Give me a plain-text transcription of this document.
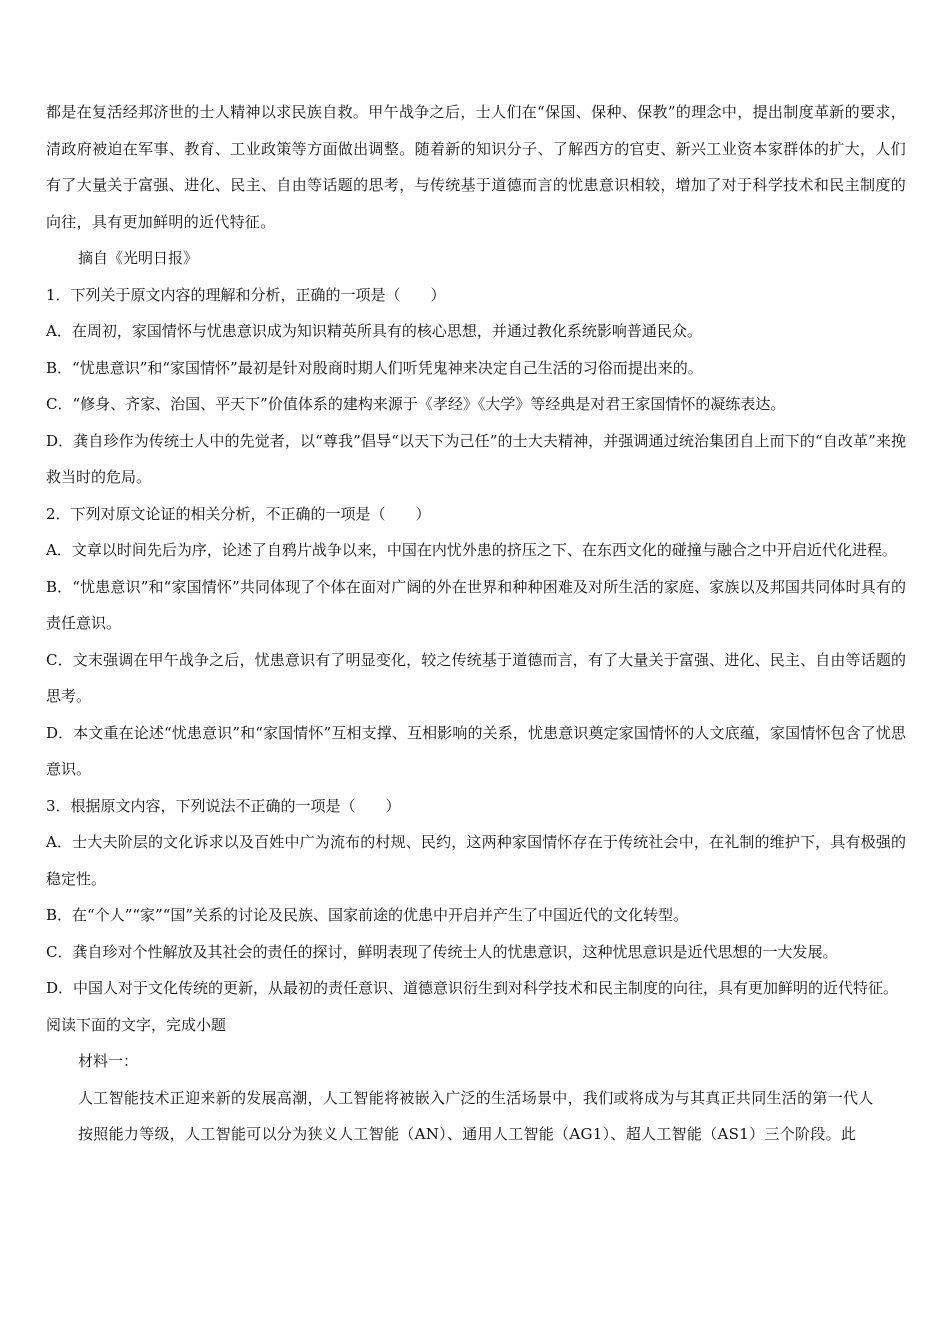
都是在复活经邦济世的士人精神以求民族自救。甲午战争之后，士人们在“保国、保种、保教”的理念中，提出制度革新的要求，清政府被迫在军事、教育、工业政策等方面做出调整。随着新的知识分子、了解西方的官吏、新兴工业资本家群体的扩大，人们有了大量关于富强、进化、民主、自由等话题的思考，与传统基于道德而言的忧患意识相较，增加了对于科学技术和民主制度的向往，具有更加鲜明的近代特征。

摘自《光明日报》

1．下列关于原文内容的理解和分析，正确的一项是（　　）

A．在周初，家国情怀与忧患意识成为知识精英所具有的核心思想，并通过教化系统影响普通民众。

B．“忧患意识”和“家国情怀”最初是针对殷商时期人们听凭鬼神来决定自己生活的习俗而提出来的。

C．“修身、齐家、治国、平天下”价值体系的建构来源于《孝经》《大学》等经典是对君王家国情怀的凝练表达。

D．龚自珍作为传统士人中的先觉者，以“尊我”倡导“以天下为己任”的士大夫精神，并强调通过统治集团自上而下的“自改革”来挽救当时的危局。

2．下列对原文论证的相关分析，不正确的一项是（　　）

A．文章以时间先后为序，论述了自鸦片战争以来，中国在内忧外患的挤压之下、在东西文化的碰撞与融合之中开启近代化进程。

B．“忧患意识”和“家国情怀”共同体现了个体在面对广阔的外在世界和种种困难及对所生活的家庭、家族以及邦国共同体时具有的责任意识。

C．文末强调在甲午战争之后，忧患意识有了明显变化，较之传统基于道德而言，有了大量关于富强、进化、民主、自由等话题的思考。

D．本文重在论述“忧患意识”和“家国情怀”互相支撑、互相影响的关系，忧患意识奠定家国情怀的人文底蕴，家国情怀包含了忧思意识。

3．根据原文内容，下列说法不正确的一项是（　　）

A．士大夫阶层的文化诉求以及百姓中广为流布的村规、民约，这两种家国情怀存在于传统社会中，在礼制的维护下，具有极强的稳定性。

B．在“个人”“家”“国”关系的讨论及民族、国家前途的优患中开启并产生了中国近代的文化转型。

C．龚自珍对个性解放及其社会的责任的探讨，鲜明表现了传统士人的忧患意识，这种忧思意识是近代思想的一大发展。

D．中国人对于文化传统的更新，从最初的责任意识、道德意识衍生到对科学技术和民主制度的向往，具有更加鲜明的近代特征。

阅读下面的文字，完成小题

材料一：

人工智能技术正迎来新的发展高潮，人工智能将被嵌入广泛的生活场景中，我们或将成为与其真正共同生活的第一代人

按照能力等级，人工智能可以分为狭义人工智能（AN）、通用人工智能（AG1）、超人工智能（AS1）三个阶段。此
